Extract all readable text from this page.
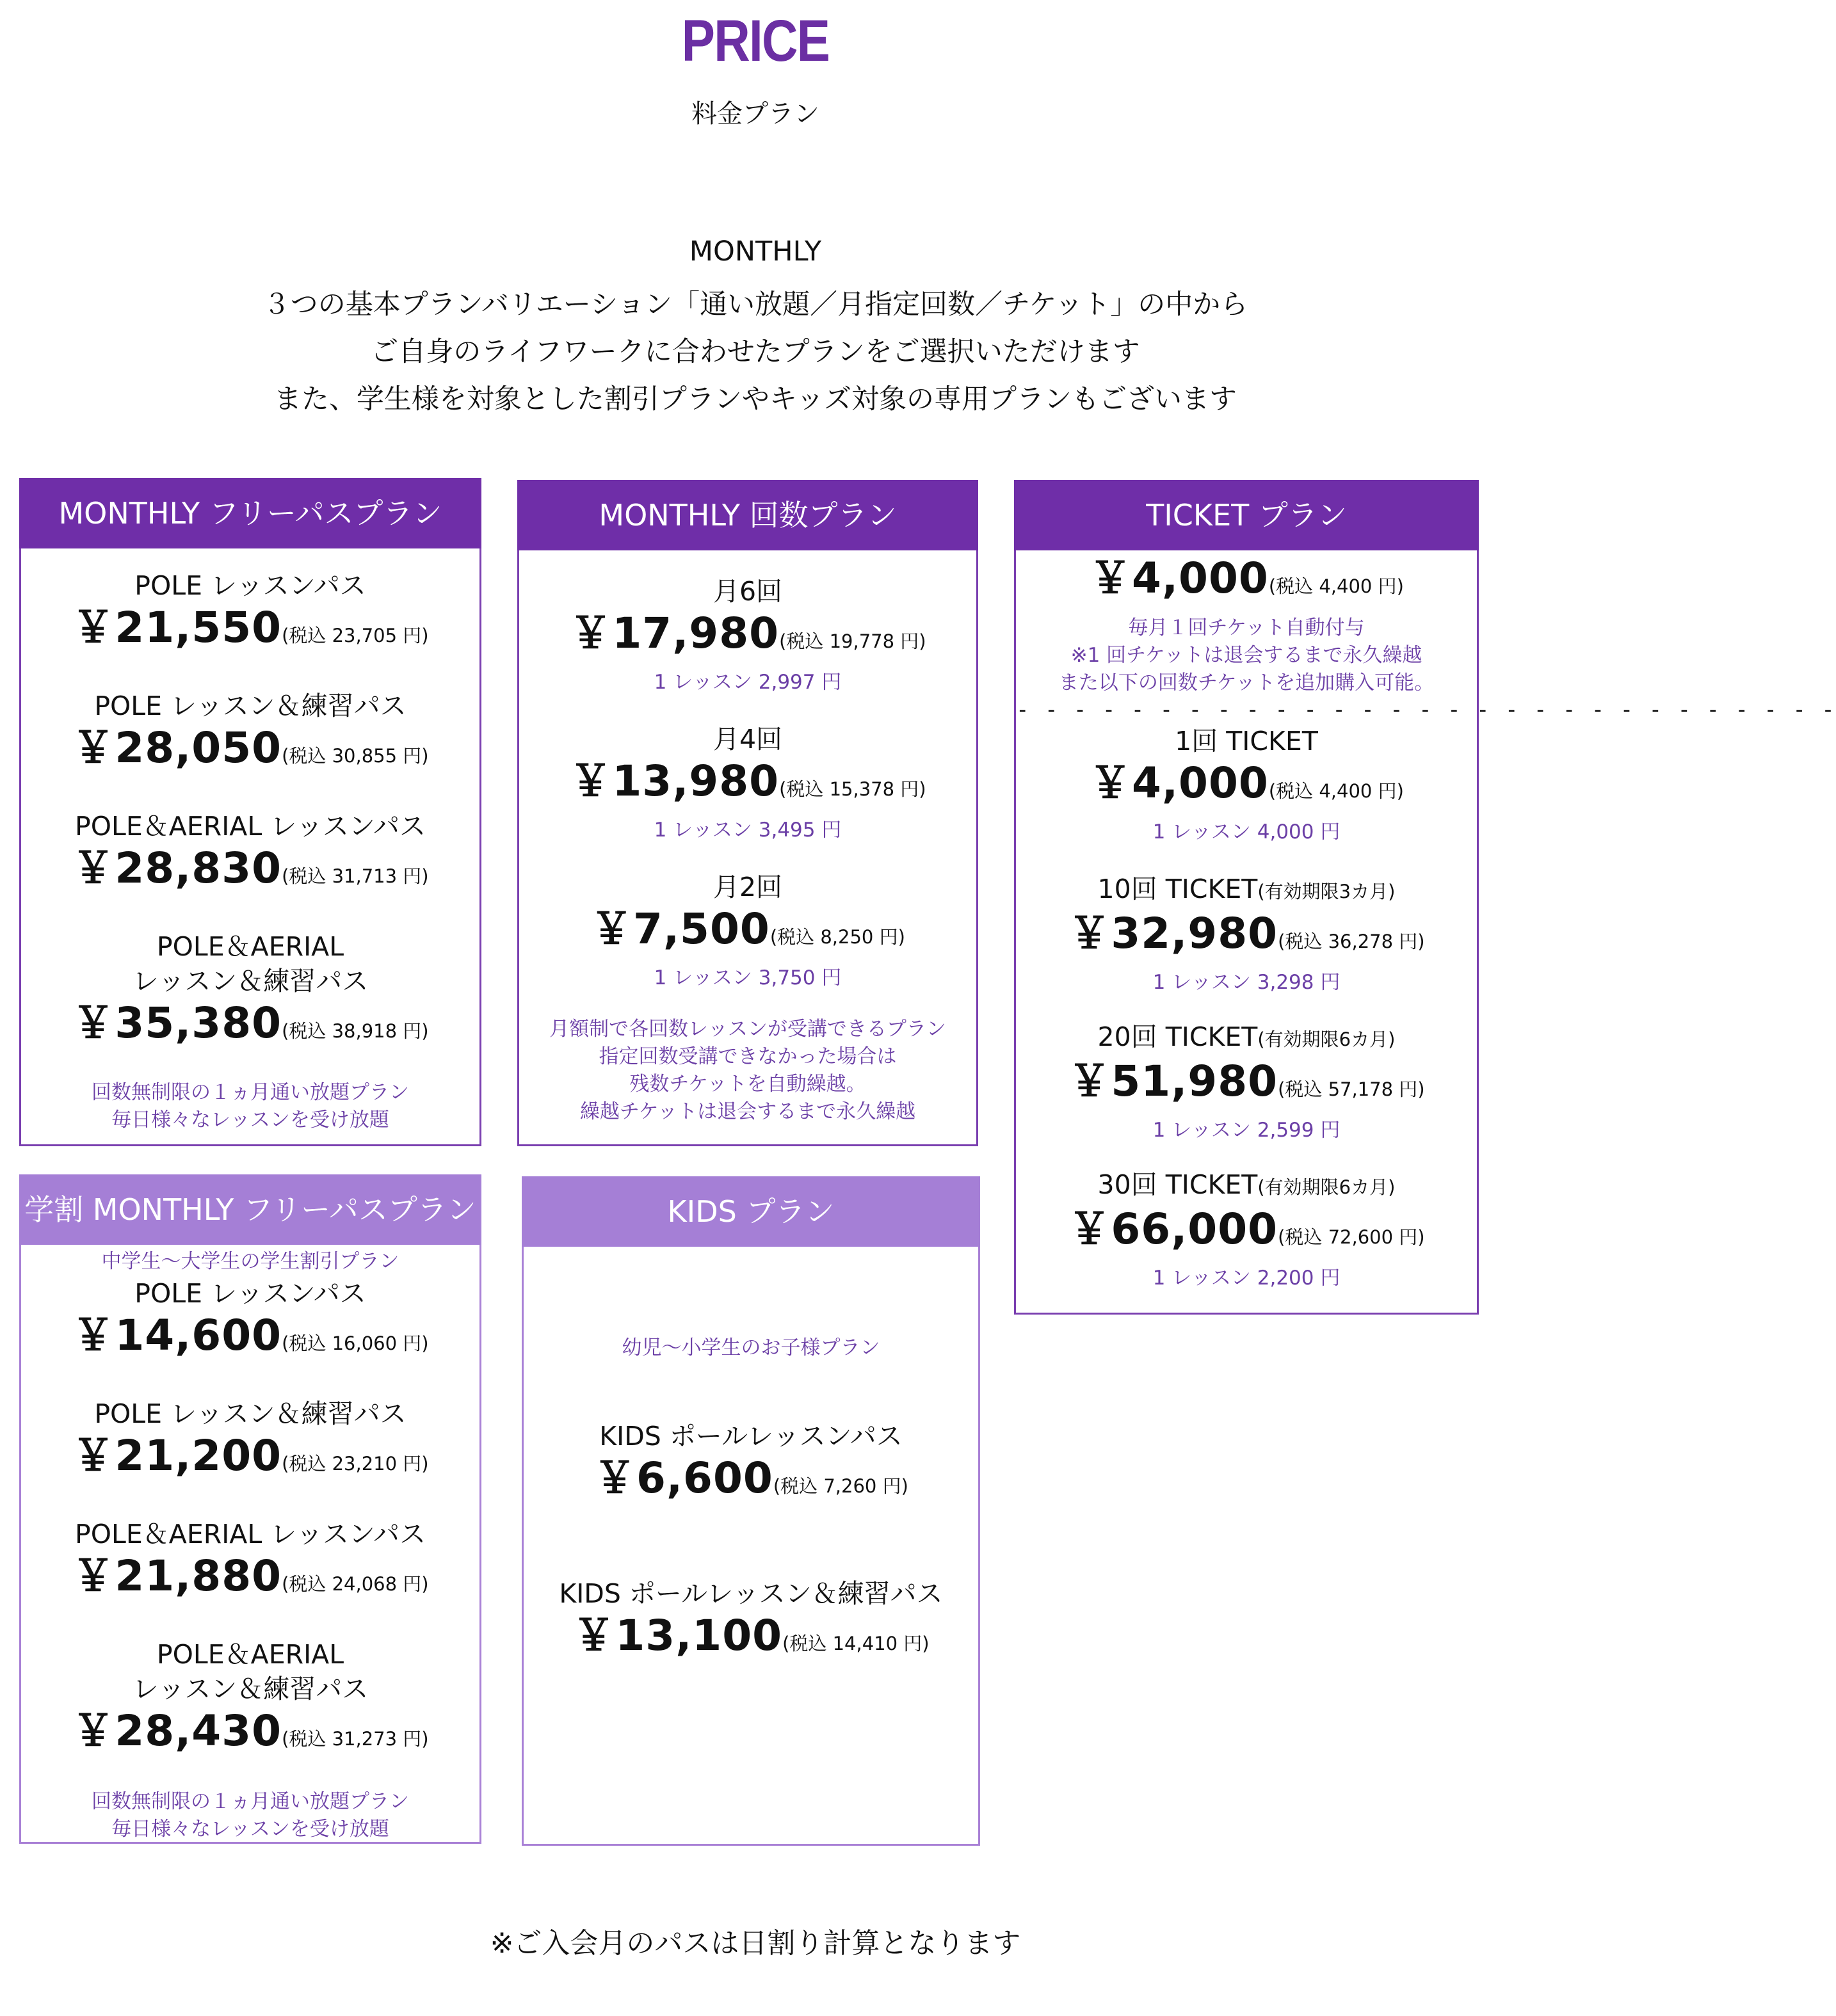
PRICE
料金プラン
MONTHLY
３つの基本プランバリエーション「通い放題／月指定回数／チケット」の中から
ご自身のライフワークに合わせたプランをご選択いただけます
また、学生様を対象とした割引プランやキッズ対象の専用プランもございます
MONTHLY フリーパスプラン
POLE レッスンパス
￥21,550(税込 23,705 円)
POLE レッスン＆練習パス
￥28,050(税込 30,855 円)
POLE＆AERIAL レッスンパス
￥28,830(税込 31,713 円)
POLE＆AERIAL
レッスン＆練習パス
￥35,380(税込 38,918 円)
回数無制限の１ヵ月通い放題プラン
毎日様々なレッスンを受け放題
MONTHLY 回数プラン
月6回
￥17,980(税込 19,778 円)
1 レッスン 2,997 円
月4回
￥13,980(税込 15,378 円)
1 レッスン 3,495 円
月2回
￥7,500(税込 8,250 円)
1 レッスン 3,750 円
月額制で各回数レッスンが受講できるプラン
指定回数受講できなかった場合は
残数チケットを自動繰越。
繰越チケットは退会するまで永久繰越
TICKET プラン
￥4,000(税込 4,400 円)
毎月１回チケット自動付与
※1 回チケットは退会するまで永久繰越
また以下の回数チケットを追加購入可能。
- - - - - - - - - - - - - - - - - - - - - - - - - - - - -
1回 TICKET
￥4,000(税込 4,400 円)
1 レッスン 4,000 円
10回 TICKET(有効期限3カ月)
￥32,980(税込 36,278 円)
1 レッスン 3,298 円
20回 TICKET(有効期限6カ月)
￥51,980(税込 57,178 円)
1 レッスン 2,599 円
30回 TICKET(有効期限6カ月)
￥66,000(税込 72,600 円)
1 レッスン 2,200 円
学割 MONTHLY フリーパスプラン
中学生～大学生の学生割引プラン
POLE レッスンパス
￥14,600(税込 16,060 円)
POLE レッスン＆練習パス
￥21,200(税込 23,210 円)
POLE＆AERIAL レッスンパス
￥21,880(税込 24,068 円)
POLE＆AERIAL
レッスン＆練習パス
￥28,430(税込 31,273 円)
回数無制限の１ヵ月通い放題プラン
毎日様々なレッスンを受け放題
KIDS プラン
幼児～小学生のお子様プラン
KIDS ポールレッスンパス
￥6,600(税込 7,260 円)
KIDS ポールレッスン＆練習パス
￥13,100(税込 14,410 円)
※ご入会月のパスは日割り計算となります
